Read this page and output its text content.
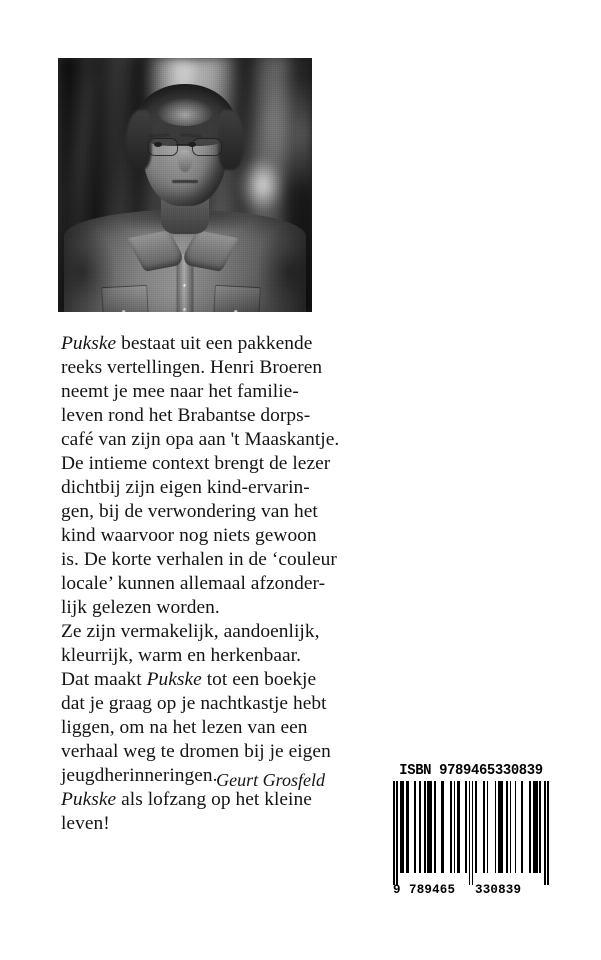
Pukske bestaat uit een pakkende

reeks vertellingen. Henri Broeren

neemt je mee naar het familie-

leven rond het Brabantse dorps-

café van zijn opa aan 't Maaskantje.

De intieme context brengt de lezer

dichtbij zijn eigen kind-ervarin-

gen, bij de verwondering van het

kind waarvoor nog niets gewoon

is. De korte verhalen in de ‘couleur

locale’ kunnen allemaal afzonder-

lijk gelezen worden.

Ze zijn vermakelijk, aandoenlijk,

kleurrijk, warm en herkenbaar.

Dat maakt Pukske tot een boekje

dat je graag op je nachtkastje hebt

liggen, om na het lezen van een

verhaal weg te dromen bij je eigen

jeugdherinneringen.

Pukske als lofzang op het kleine

leven!

Geurt Grosfeld	ISBN 9789465330839
9 789465 330839
